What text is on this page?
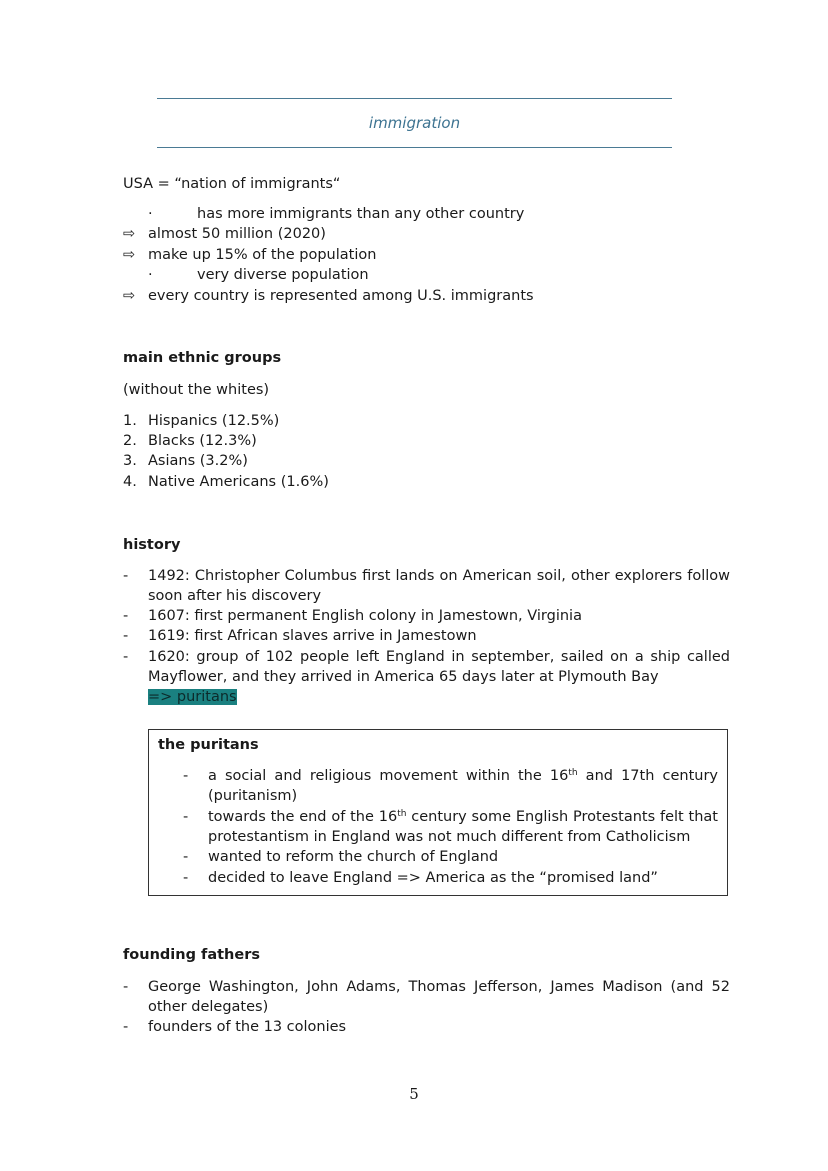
immigration
USA = “nation of immigrants“
·	has more immigrants than any other country
⇨ almost 50 million (2020)
⇨ make up 15% of the population
·	very diverse population
⇨ every country is represented among U.S. immigrants
main ethnic groups
(without the whites)
1. Hispanics (12.5%)
2. Blacks (12.3%)
3. Asians (3.2%)
4. Native Americans (1.6%)
history
- 1492: Christopher Columbus first lands on American soil, other explorers follow soon after his discovery
- 1607: first permanent English colony in Jamestown, Virginia
- 1619: first African slaves arrive in Jamestown
- 1620: group of 102 people left England in september, sailed on a ship called Mayflower, and they arrived in America 65 days later at Plymouth Bay
=> puritans
the puritans
- a social and religious movement within the 16th and 17th century (puritanism)
- towards the end of the 16th century some English Protestants felt that protestantism in England was not much different from Catholicism
- wanted to reform the church of England
- decided to leave England => America as the “promised land”
founding fathers
- George Washington, John Adams, Thomas Jefferson, James Madison (and 52 other delegates)
- founders of the 13 colonies
5
